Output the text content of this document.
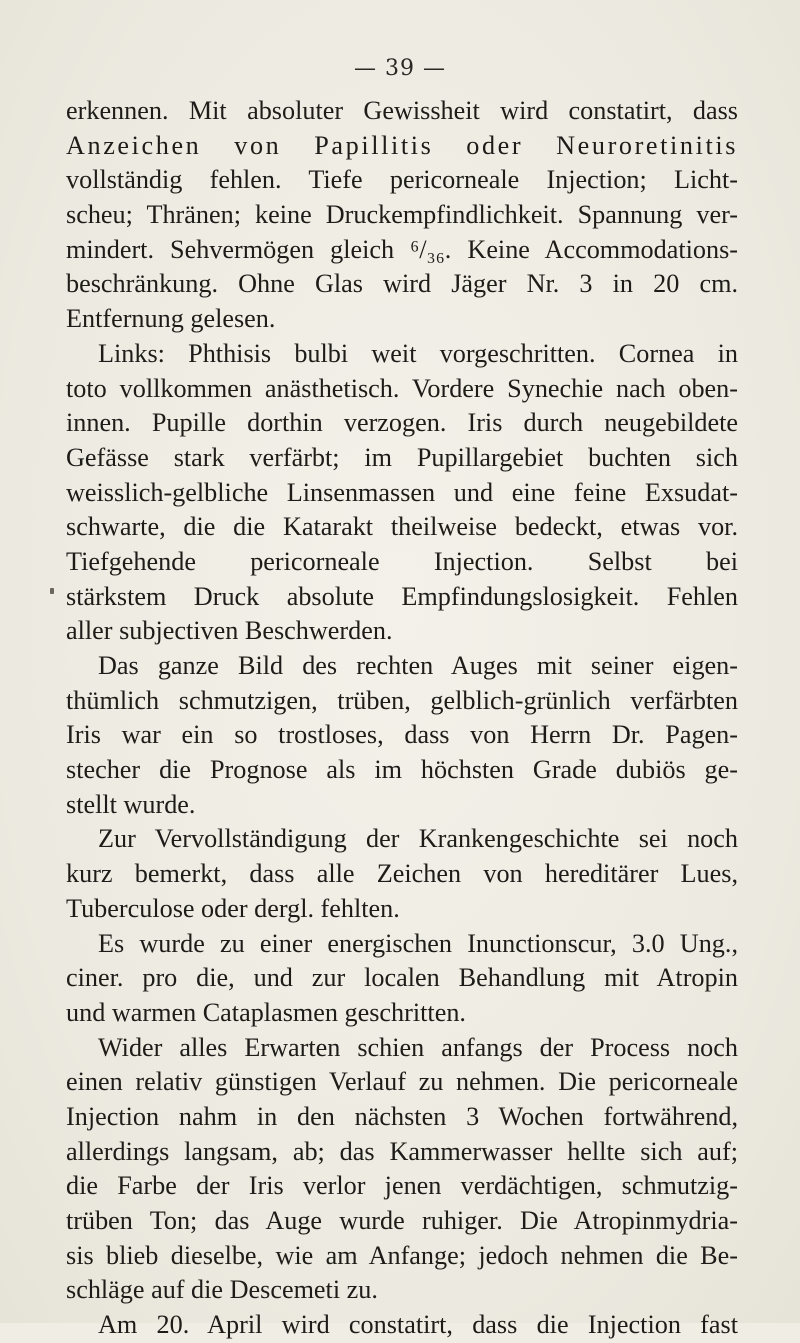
— 39 —
erkennen. Mit absoluter Gewissheit wird constatirt, dass
Anzeichen von Papillitis oder Neuroretinitis
vollständig fehlen. Tiefe pericorneale Injection; Licht-
scheu; Thränen; keine Druckempfindlichkeit. Spannung ver-
mindert. Sehvermögen gleich ⁶/₃₆. Keine Accommodations-
beschränkung. Ohne Glas wird Jäger Nr. 3 in 20 cm.
Entfernung gelesen.
Links: Phthisis bulbi weit vorgeschritten. Cornea in
toto vollkommen anästhetisch. Vordere Synechie nach oben-
innen. Pupille dorthin verzogen. Iris durch neugebildete
Gefässe stark verfärbt; im Pupillargebiet buchten sich
weisslich-gelbliche Linsenmassen und eine feine Exsudat-
schwarte, die die Katarakt theilweise bedeckt, etwas vor.
Tiefgehende pericorneale Injection. Selbst bei
stärkstem Druck absolute Empfindungslosigkeit. Fehlen
aller subjectiven Beschwerden.
Das ganze Bild des rechten Auges mit seiner eigen-
thümlich schmutzigen, trüben, gelblich-grünlich verfärbten
Iris war ein so trostloses, dass von Herrn Dr. Pagen-
stecher die Prognose als im höchsten Grade dubiös ge-
stellt wurde.
Zur Vervollständigung der Krankengeschichte sei noch
kurz bemerkt, dass alle Zeichen von hereditärer Lues,
Tuberculose oder dergl. fehlten.
Es wurde zu einer energischen Inunctionscur, 3.0 Ung.,
ciner. pro die, und zur localen Behandlung mit Atropin
und warmen Cataplasmen geschritten.
Wider alles Erwarten schien anfangs der Process noch
einen relativ günstigen Verlauf zu nehmen. Die pericorneale
Injection nahm in den nächsten 3 Wochen fortwährend,
allerdings langsam, ab; das Kammerwasser hellte sich auf;
die Farbe der Iris verlor jenen verdächtigen, schmutzig-
trüben Ton; das Auge wurde ruhiger. Die Atropinmydria-
sis blieb dieselbe, wie am Anfange; jedoch nehmen die Be-
schläge auf die Descemeti zu.
Am 20. April wird constatirt, dass die Injection fast
